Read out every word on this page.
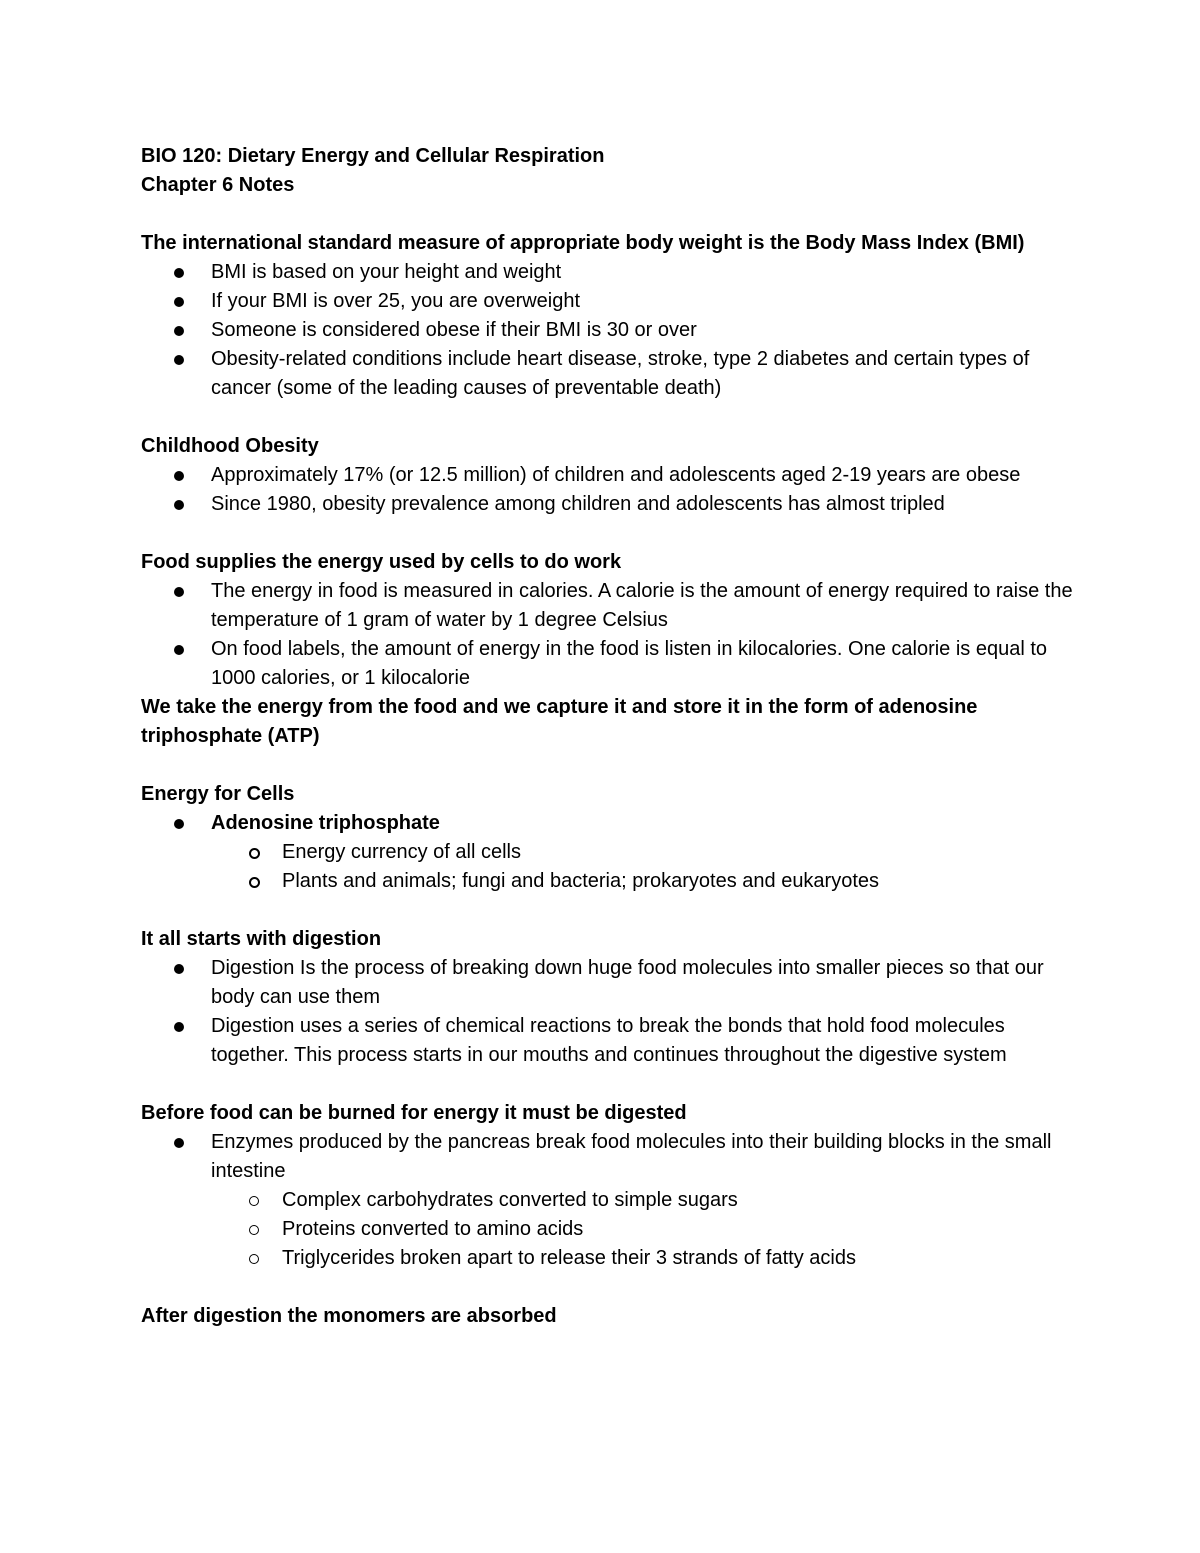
BIO 120: Dietary Energy and Cellular Respiration

Chapter 6 Notes

The international standard measure of appropriate body weight is the Body Mass Index (BMI)

BMI is based on your height and weight
If your BMI is over 25, you are overweight
Someone is considered obese if their BMI is 30 or over
Obesity-related conditions include heart disease, stroke, type 2 diabetes and certain types of cancer (some of the leading causes of preventable death)

Childhood Obesity

Approximately 17% (or 12.5 million) of children and adolescents aged 2-19 years are obese
Since 1980, obesity prevalence among children and adolescents has almost tripled

Food supplies the energy used by cells to do work

The energy in food is measured in calories. A calorie is the amount of energy required to raise the temperature of 1 gram of water by 1 degree Celsius
On food labels, the amount of energy in the food is listen in kilocalories. One calorie is equal to 1000 calories, or 1 kilocalorie

We take the energy from the food and we capture it and store it in the form of adenosine triphosphate (ATP)

Energy for Cells

Adenosine triphosphate
Energy currency of all cells
Plants and animals; fungi and bacteria; prokaryotes and eukaryotes

It all starts with digestion

Digestion Is the process of breaking down huge food molecules into smaller pieces so that our body can use them
Digestion uses a series of chemical reactions to break the bonds that hold food molecules together. This process starts in our mouths and continues throughout the digestive system

Before food can be burned for energy it must be digested

Enzymes produced by the pancreas break food molecules into their building blocks in the small intestine
Complex carbohydrates converted to simple sugars
Proteins converted to amino acids
Triglycerides broken apart to release their 3 strands of fatty acids

After digestion the monomers are absorbed
